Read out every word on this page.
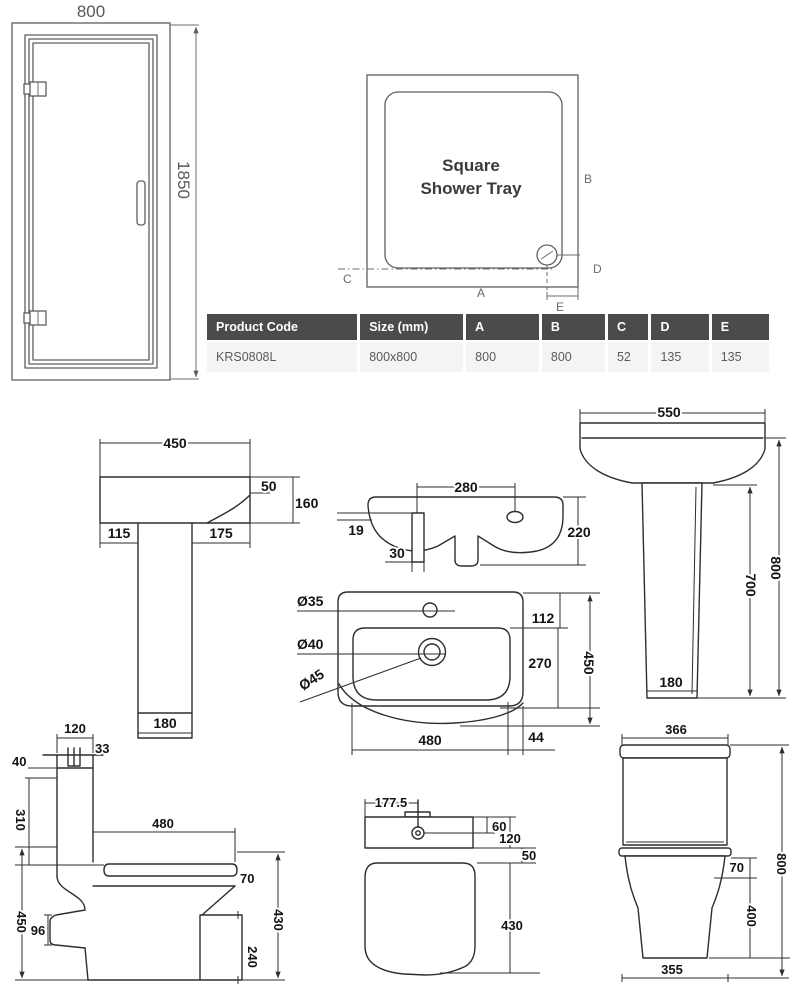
800
1850	Square
Shower Tray
A
B
C
D
E
450
50
160
115	175
180
280
19
30
220
Ø35
Ø40
Ø45
112
270 450
480	44
550
800
700
180
120
33
40
310	480
70
96
240
430
450
177.5
60
120
50
430
366
800
70
400
355
Product Code	Size (mm)	A	B	C	D	E
KRS0808L	800x800	800	800	52	135	135
